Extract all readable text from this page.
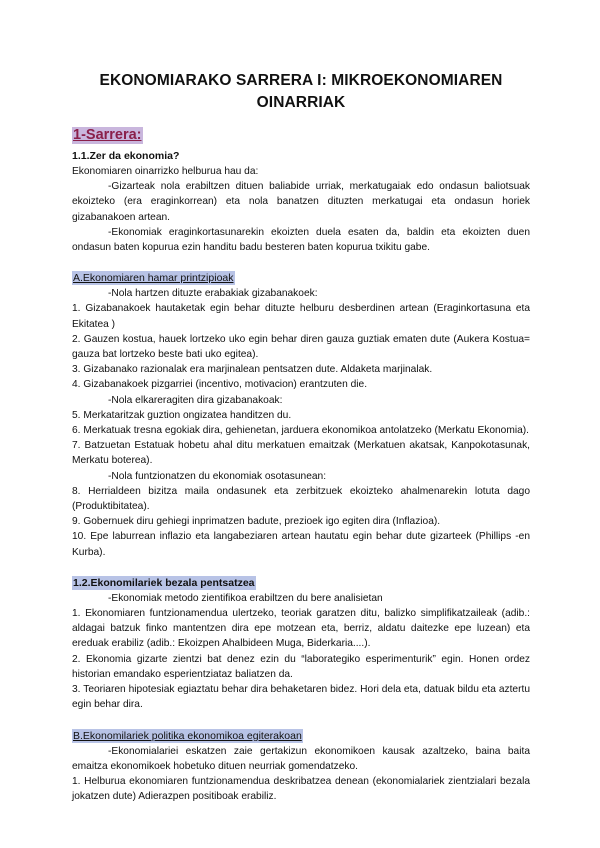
EKONOMIARAKO SARRERA I: MIKROEKONOMIAREN
OINARRIAK
1-Sarrera:
1.1.Zer da ekonomia?

Ekonomiaren oinarrizko helburua hau da:

-Gizarteak nola erabiltzen dituen baliabide urriak, merkatugaiak edo ondasun baliotsuak ekoizteko (era eraginkorrean) eta nola banatzen dituzten merkatugai eta ondasun horiek gizabanakoen artean.

-Ekonomiak eraginkortasunarekin ekoizten duela esaten da, baldin eta ekoizten duen ondasun baten kopurua ezin handitu badu besteren baten kopurua txikitu gabe.

A.Ekonomiaren hamar printzipioak

-Nola hartzen dituzte erabakiak gizabanakoek:

1. Gizabanakoek hautaketak egin behar dituzte helburu desberdinen artean (Eraginkortasuna eta Ekitatea )

2. Gauzen kostua, hauek lortzeko uko egin behar diren gauza guztiak ematen dute (Aukera Kostua= gauza bat lortzeko beste bati uko egitea).

3. Gizabanako razionalak era marjinalean pentsatzen dute. Aldaketa marjinalak.

4. Gizabanakoek pizgarriei (incentivo, motivacion) erantzuten die.

-Nola elkareragiten dira gizabanakoak:

5. Merkataritzak guztion ongizatea handitzen du.

6. Merkatuak tresna egokiak dira, gehienetan, jarduera ekonomikoa antolatzeko (Merkatu Ekonomia).

7. Batzuetan Estatuak hobetu ahal ditu merkatuen emaitzak (Merkatuen akatsak, Kanpokotasunak, Merkatu boterea).

-Nola funtzionatzen du ekonomiak osotasunean:

8. Herrialdeen bizitza maila ondasunek eta zerbitzuek ekoizteko ahalmenarekin lotuta dago (Produktibitatea).

9. Gobernuek diru gehiegi inprimatzen badute, prezioek igo egiten dira (Inflazioa).

10. Epe laburrean inflazio eta langabeziaren artean hautatu egin behar dute gizarteek (Phillips -en Kurba).

1.2.Ekonomilariek bezala pentsatzea

-Ekonomiak metodo zientifikoa erabiltzen du bere analisietan

1. Ekonomiaren funtzionamendua ulertzeko, teoriak garatzen ditu, balizko simplifikatzaileak (adib.: aldagai batzuk finko mantentzen dira epe motzean eta, berriz, aldatu daitezke epe luzean) eta ereduak erabiliz (adib.: Ekoizpen Ahalbideen Muga, Biderkaria....).

2. Ekonomia gizarte zientzi bat denez ezin du “laborategiko esperimenturik” egin. Honen ordez historian emandako esperientziataz baliatzen da.

3. Teoriaren hipotesiak egiaztatu behar dira behaketaren bidez. Hori dela eta, datuak bildu eta aztertu egin behar dira.

B.Ekonomilariek politika ekonomikoa egiterakoan

-Ekonomialariei eskatzen zaie gertakizun ekonomikoen kausak azaltzeko, baina baita emaitza ekonomikoek hobetuko dituen neurriak gomendatzeko.

1. Helburua ekonomiaren funtzionamendua deskribatzea denean (ekonomialariek zientzialari bezala jokatzen dute) Adierazpen positiboak erabiliz.
